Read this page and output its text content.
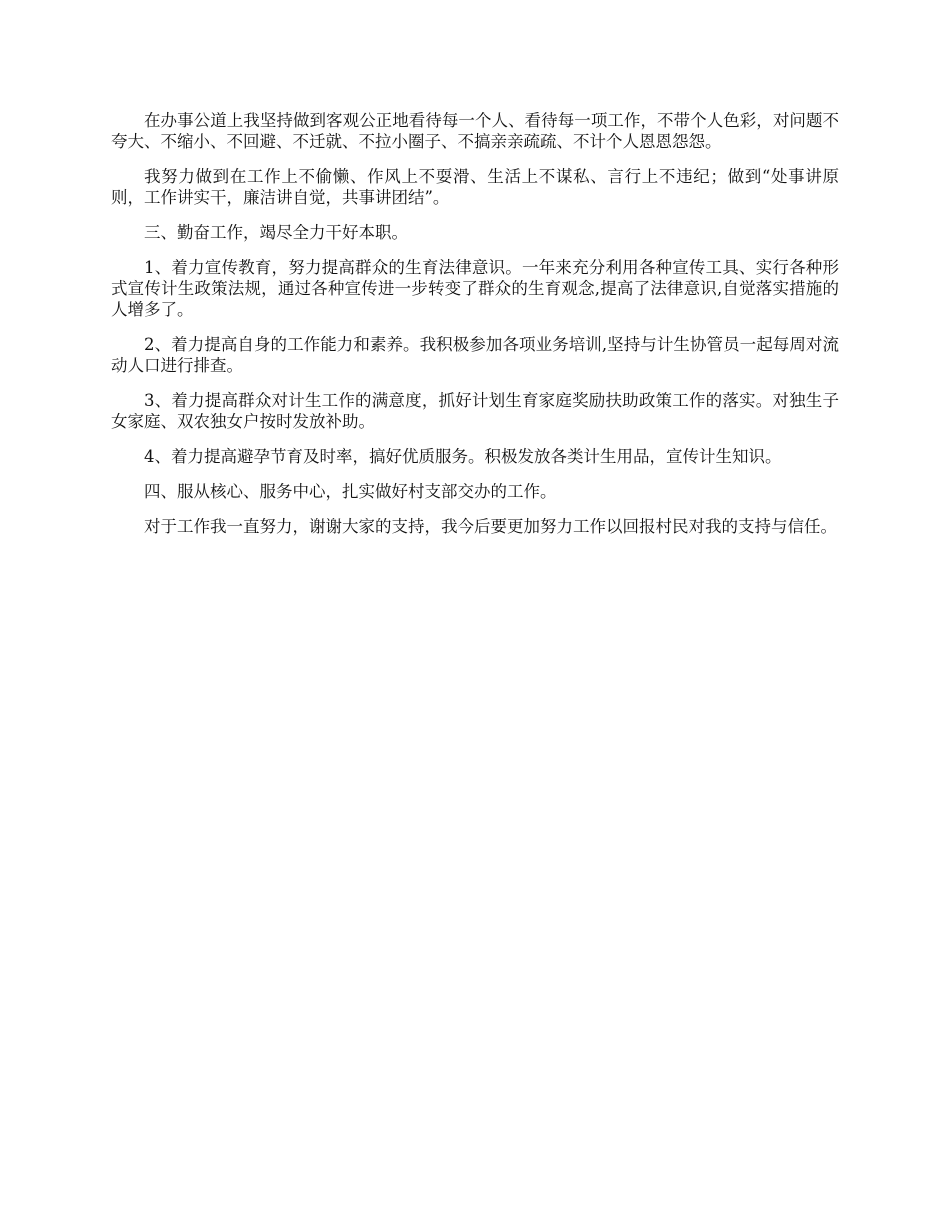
在办事公道上我坚持做到客观公正地看待每一个人、看待每一项工作，不带个人色彩，对问题不夸大、不缩小、不回避、不迁就、不拉小圈子、不搞亲亲疏疏、不计个人恩恩怨怨。

我努力做到在工作上不偷懒、作风上不耍滑、生活上不谋私、言行上不违纪；做到“处事讲原则，工作讲实干，廉洁讲自觉，共事讲团结”。

三、勤奋工作，竭尽全力干好本职。

1、着力宣传教育，努力提高群众的生育法律意识。一年来充分利用各种宣传工具、实行各种形式宣传计生政策法规，通过各种宣传进一步转变了群众的生育观念,提高了法律意识,自觉落实措施的人增多了。

2、着力提高自身的工作能力和素养。我积极参加各项业务培训,坚持与计生协管员一起每周对流动人口进行排查。

3、着力提高群众对计生工作的满意度，抓好计划生育家庭奖励扶助政策工作的落实。对独生子女家庭、双农独女户按时发放补助。

4、着力提高避孕节育及时率，搞好优质服务。积极发放各类计生用品，宣传计生知识。

四、服从核心、服务中心，扎实做好村支部交办的工作。

对于工作我一直努力，谢谢大家的支持，我今后要更加努力工作以回报村民对我的支持与信任。
